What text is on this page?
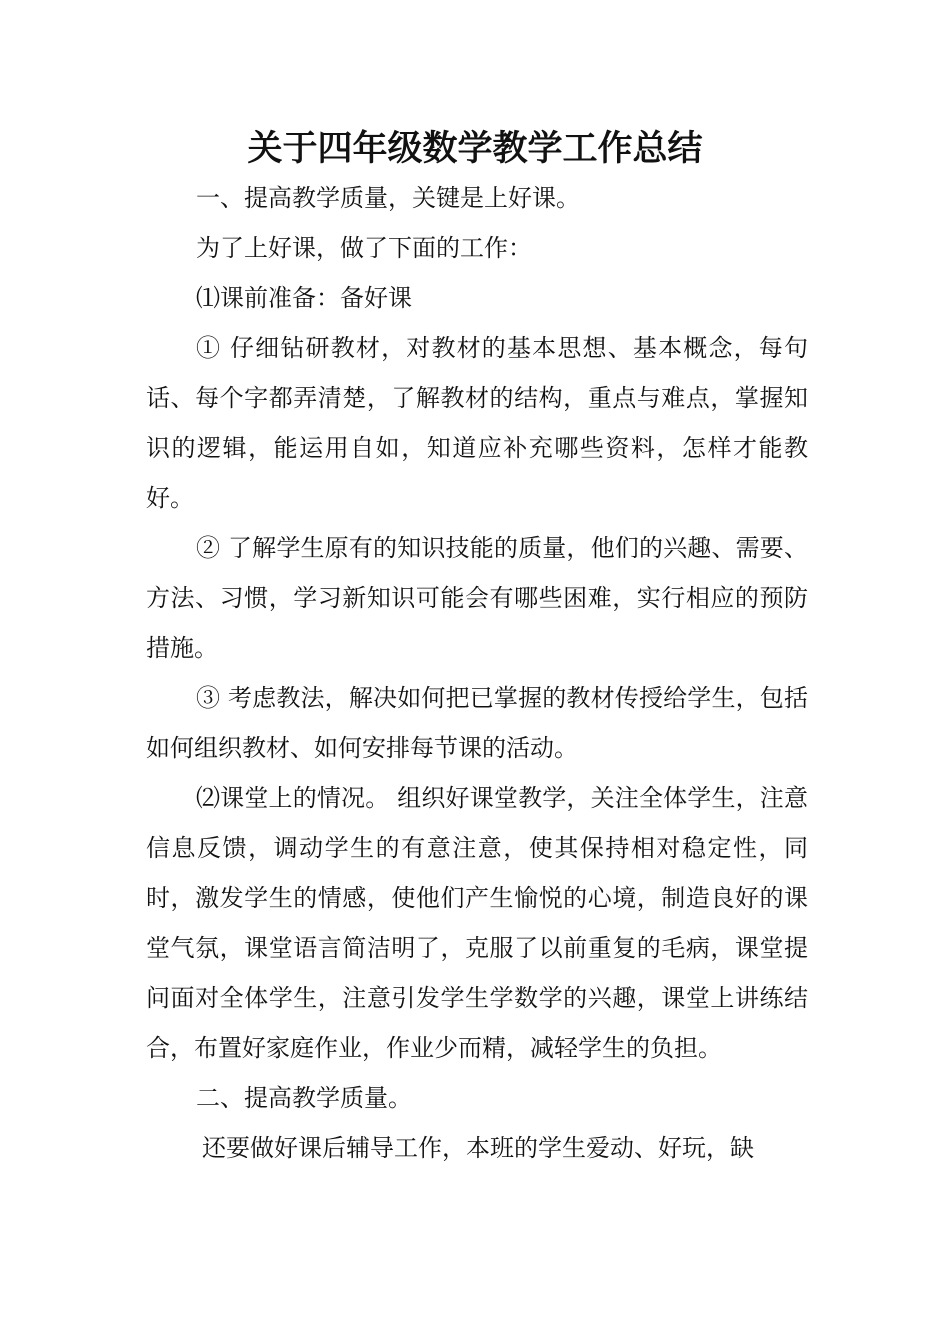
关于四年级数学教学工作总结

一、提高教学质量，关键是上好课。

为了上好课，做了下面的工作：

⑴课前准备：备好课

① 仔细钻研教材，对教材的基本思想、基本概念，每句话、每个字都弄清楚，了解教材的结构，重点与难点，掌握知识的逻辑，能运用自如，知道应补充哪些资料，怎样才能教好。

② 了解学生原有的知识技能的质量，他们的兴趣、需要、方法、习惯，学习新知识可能会有哪些困难，实行相应的预防措施。

③ 考虑教法，解决如何把已掌握的教材传授给学生，包括如何组织教材、如何安排每节课的活动。

⑵课堂上的情况。 组织好课堂教学，关注全体学生，注意信息反馈，调动学生的有意注意，使其保持相对稳定性，同时，激发学生的情感，使他们产生愉悦的心境，制造良好的课堂气氛，课堂语言简洁明了，克服了以前重复的毛病，课堂提问面对全体学生，注意引发学生学数学的兴趣，课堂上讲练结合，布置好家庭作业，作业少而精，减轻学生的负担。

二、提高教学质量。

还要做好课后辅导工作，本班的学生爱动、好玩，缺
